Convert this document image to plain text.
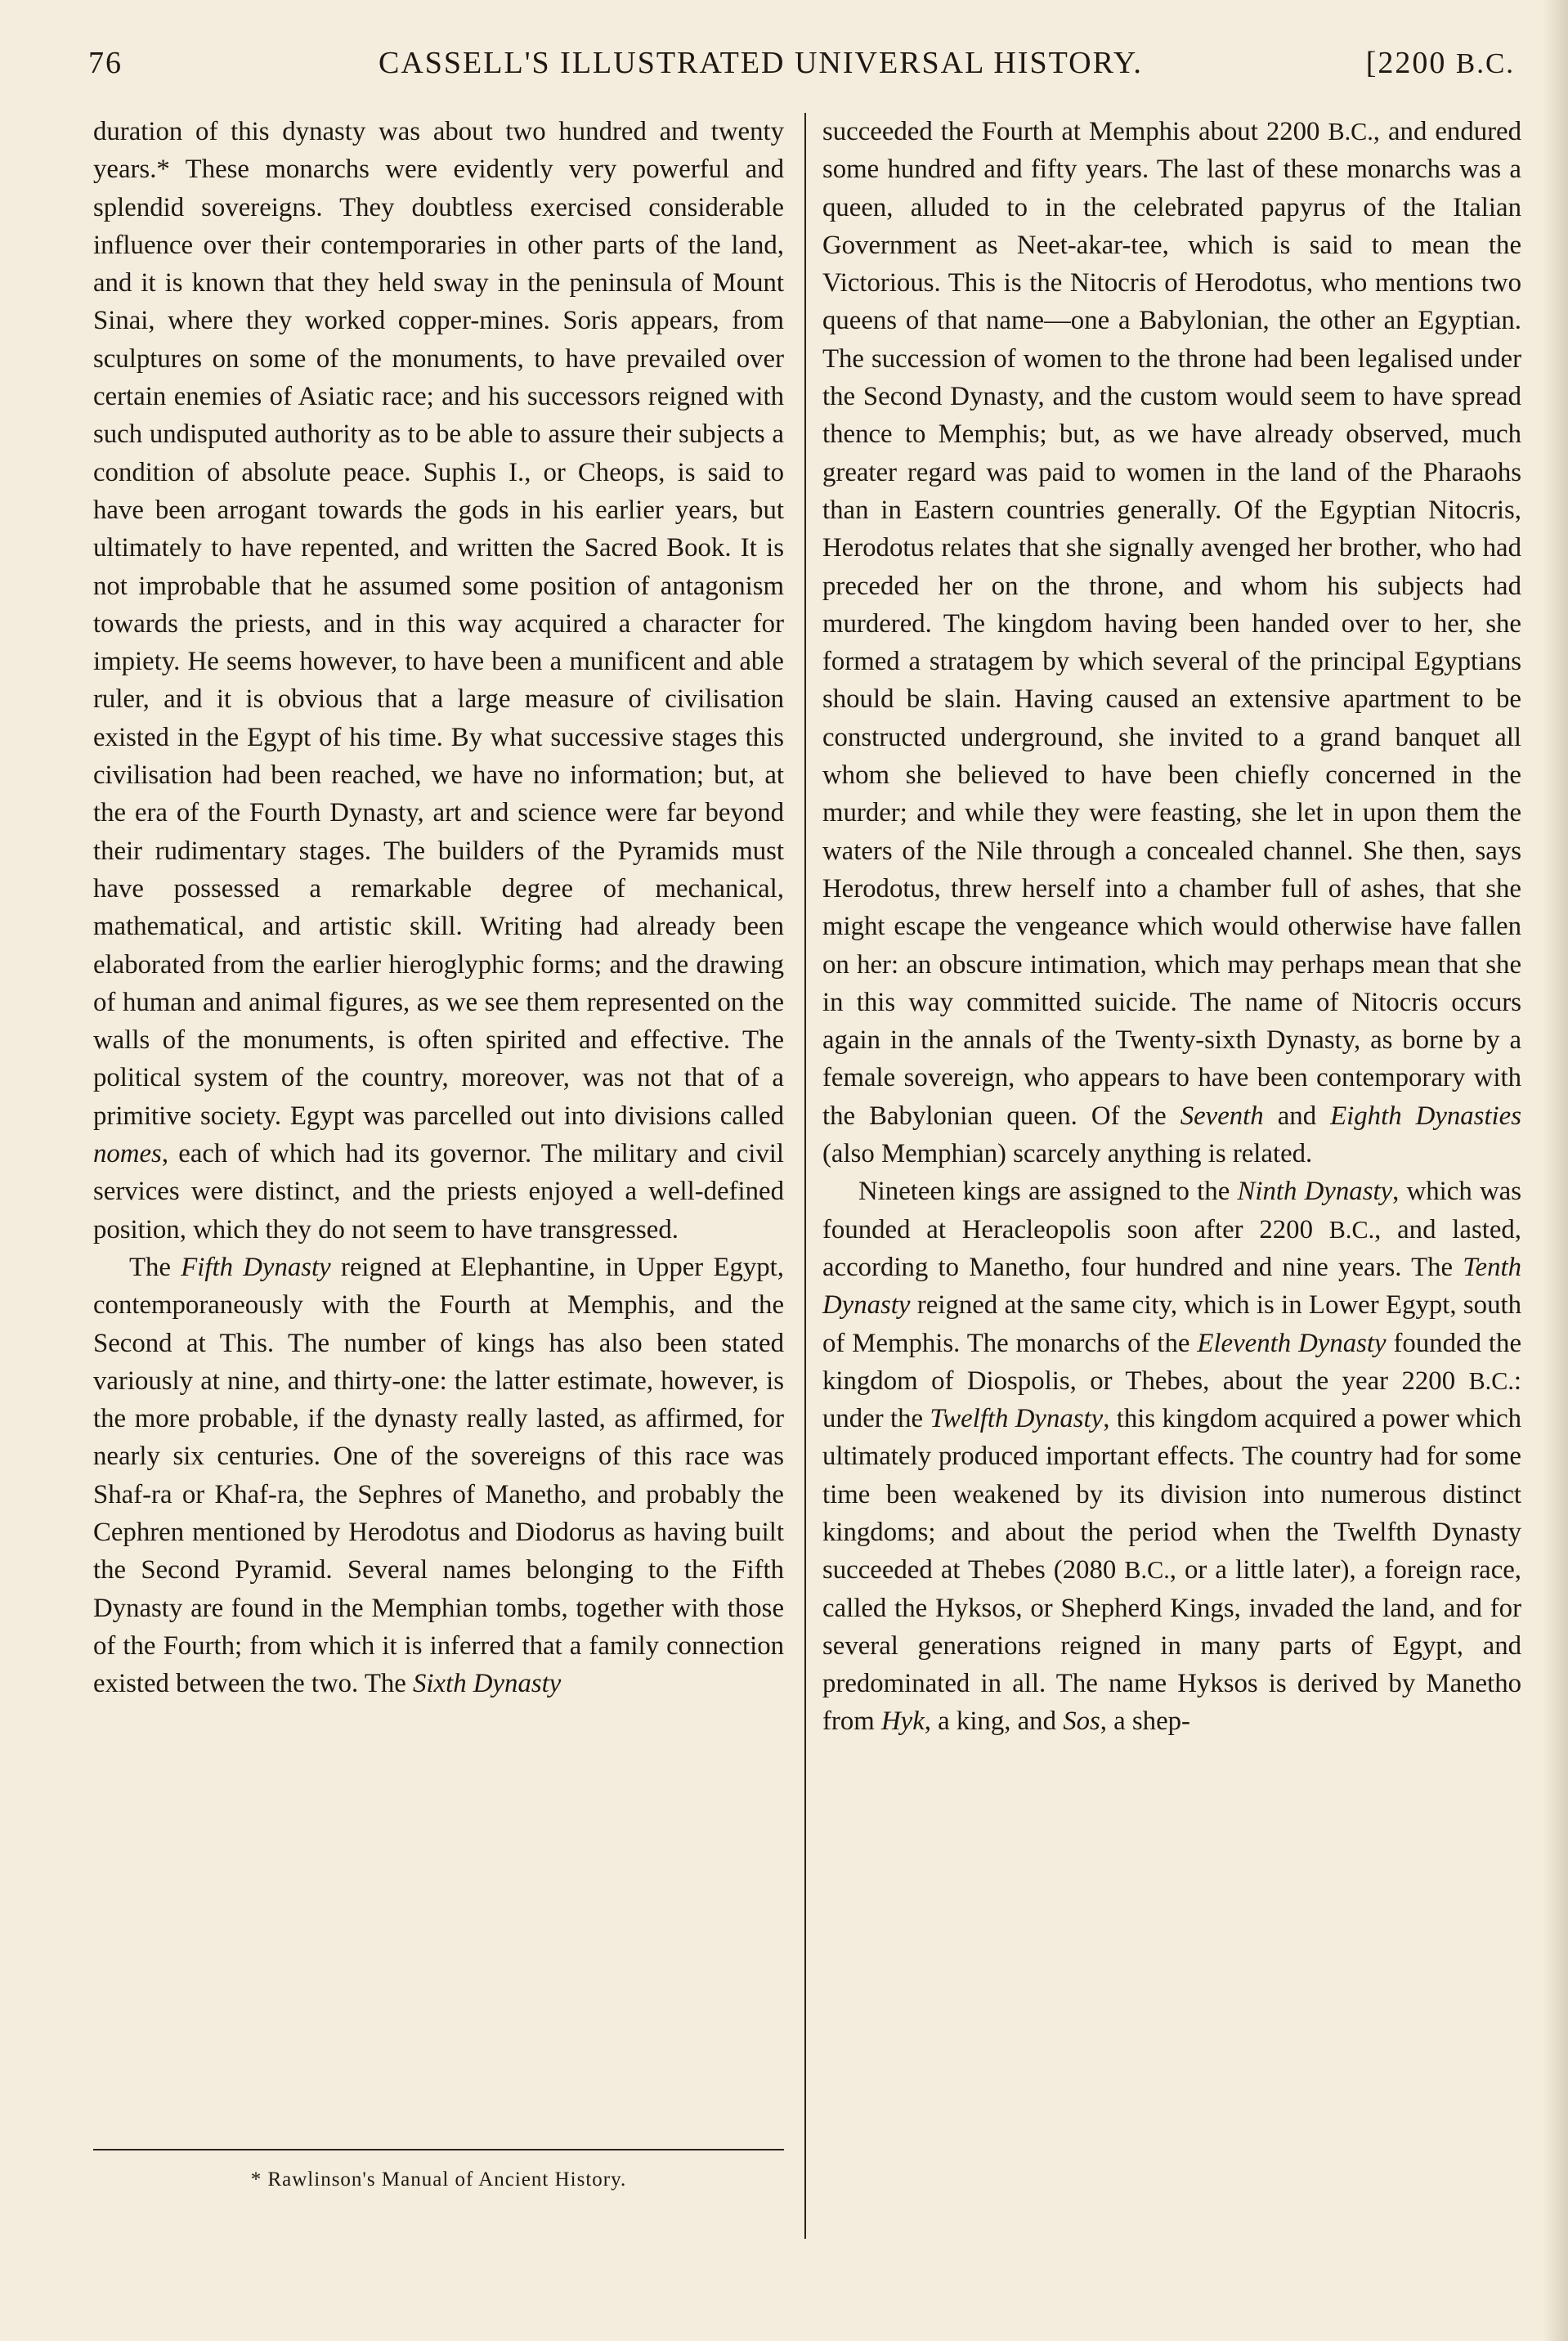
76	CASSELL'S ILLUSTRATED UNIVERSAL HISTORY.	[2200 B.C.

duration of this dynasty was about two hundred and twenty years.* These monarchs were evidently very powerful and splendid sovereigns. They doubtless exercised considerable influence over their contemporaries in other parts of the land, and it is known that they held sway in the peninsula of Mount Sinai, where they worked copper-mines. Soris appears, from sculptures on some of the monuments, to have prevailed over certain enemies of Asiatic race; and his successors reigned with such undisputed authority as to be able to assure their subjects a condition of absolute peace. Suphis I., or Cheops, is said to have been arrogant towards the gods in his earlier years, but ultimately to have repented, and written the Sacred Book. It is not improbable that he assumed some position of antagonism towards the priests, and in this way acquired a character for impiety. He seems however, to have been a munificent and able ruler, and it is obvious that a large measure of civilisation existed in the Egypt of his time. By what successive stages this civilisation had been reached, we have no information; but, at the era of the Fourth Dynasty, art and science were far beyond their rudimentary stages. The builders of the Pyramids must have possessed a remarkable degree of mechanical, mathematical, and artistic skill. Writing had already been elaborated from the earlier hieroglyphic forms; and the drawing of human and animal figures, as we see them represented on the walls of the monuments, is often spirited and effective. The political system of the country, moreover, was not that of a primitive society. Egypt was parcelled out into divisions called nomes, each of which had its governor. The military and civil services were distinct, and the priests enjoyed a well-defined position, which they do not seem to have transgressed.

The Fifth Dynasty reigned at Elephantine, in Upper Egypt, contemporaneously with the Fourth at Memphis, and the Second at This. The number of kings has also been stated variously at nine, and thirty-one: the latter estimate, however, is the more probable, if the dynasty really lasted, as affirmed, for nearly six centuries. One of the sovereigns of this race was Shaf-ra or Khaf-ra, the Sephres of Manetho, and probably the Cephren mentioned by Herodotus and Diodorus as having built the Second Pyramid. Several names belonging to the Fifth Dynasty are found in the Memphian tombs, together with those of the Fourth; from which it is inferred that a family connection existed between the two. The Sixth Dynasty

* Rawlinson's Manual of Ancient History.

succeeded the Fourth at Memphis about 2200 B.C., and endured some hundred and fifty years. The last of these monarchs was a queen, alluded to in the celebrated papyrus of the Italian Government as Neet-akar-tee, which is said to mean the Victorious. This is the Nitocris of Herodotus, who mentions two queens of that name—one a Babylonian, the other an Egyptian. The succession of women to the throne had been legalised under the Second Dynasty, and the custom would seem to have spread thence to Memphis; but, as we have already observed, much greater regard was paid to women in the land of the Pharaohs than in Eastern countries generally. Of the Egyptian Nitocris, Herodotus relates that she signally avenged her brother, who had preceded her on the throne, and whom his subjects had murdered. The kingdom having been handed over to her, she formed a stratagem by which several of the principal Egyptians should be slain. Having caused an extensive apartment to be constructed underground, she invited to a grand banquet all whom she believed to have been chiefly concerned in the murder; and while they were feasting, she let in upon them the waters of the Nile through a concealed channel. She then, says Herodotus, threw herself into a chamber full of ashes, that she might escape the vengeance which would otherwise have fallen on her: an obscure intimation, which may perhaps mean that she in this way committed suicide. The name of Nitocris occurs again in the annals of the Twenty-sixth Dynasty, as borne by a female sovereign, who appears to have been contemporary with the Babylonian queen. Of the Seventh and Eighth Dynasties (also Memphian) scarcely anything is related.

Nineteen kings are assigned to the Ninth Dynasty, which was founded at Heracleopolis soon after 2200 B.C., and lasted, according to Manetho, four hundred and nine years. The Tenth Dynasty reigned at the same city, which is in Lower Egypt, south of Memphis. The monarchs of the Eleventh Dynasty founded the kingdom of Diospolis, or Thebes, about the year 2200 B.C.: under the Twelfth Dynasty, this kingdom acquired a power which ultimately produced important effects. The country had for some time been weakened by its division into numerous distinct kingdoms; and about the period when the Twelfth Dynasty succeeded at Thebes (2080 B.C., or a little later), a foreign race, called the Hyksos, or Shepherd Kings, invaded the land, and for several generations reigned in many parts of Egypt, and predominated in all. The name Hyksos is derived by Manetho from Hyk, a king, and Sos, a shep-
